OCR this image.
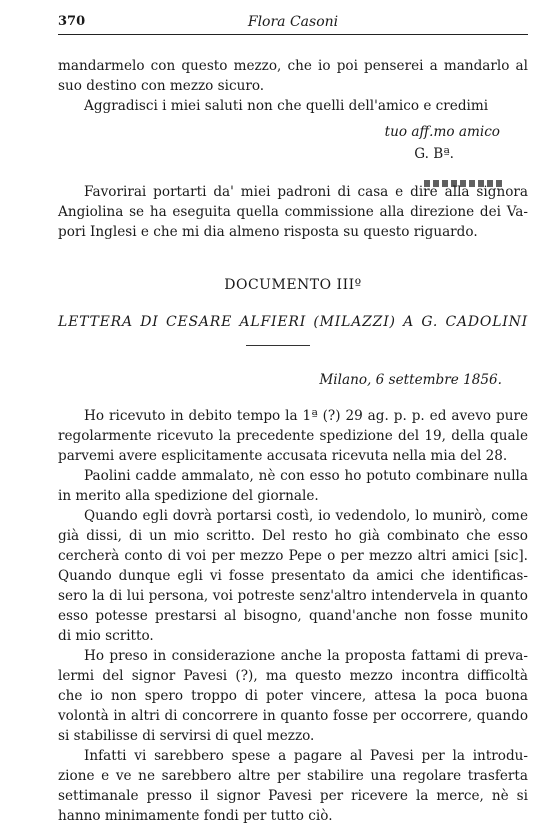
370	Flora Casoni
mandarmelo con questo mezzo, che io poi penserei a mandarlo al
suo destino con mezzo sicuro.
Aggradisci i miei saluti non che quelli dell'amico e credimi
tuo aff.mo amico
G. Bª.
Favorirai portarti da' miei padroni di casa e dire alla signora
Angiolina se ha eseguita quella commissione alla direzione dei Va-
pori Inglesi e che mi dia almeno risposta su questo riguardo.
DOCUMENTO IIIº
LETTERA DI CESARE ALFIERI (MILAZZI) A G. CADOLINI
Milano, 6 settembre 1856.
Ho ricevuto in debito tempo la 1ª (?) 29 ag. p. p. ed avevo pure
regolarmente ricevuto la precedente spedizione del 19, della quale
parvemi avere esplicitamente accusata ricevuta nella mia del 28.
Paolini cadde ammalato, nè con esso ho potuto combinare nulla
in merito alla spedizione del giornale.
Quando egli dovrà portarsi costì, io vedendolo, lo munirò, come
già dissi, di un mio scritto. Del resto ho già combinato che esso
cercherà conto di voi per mezzo Pepe o per mezzo altri amici [sic].
Quando dunque egli vi fosse presentato da amici che identificas-
sero la di lui persona, voi potreste senz'altro intendervela in quanto
esso potesse prestarsi al bisogno, quand'anche non fosse munito
di mio scritto.
Ho preso in considerazione anche la proposta fattami di preva-
lermi del signor Pavesi (?), ma questo mezzo incontra difficoltà
che io non spero troppo di poter vincere, attesa la poca buona
volontà in altri di concorrere in quanto fosse per occorrere, quando
si stabilisse di servirsi di quel mezzo.
Infatti vi sarebbero spese a pagare al Pavesi per la introdu-
zione e ve ne sarebbero altre per stabilire una regolare trasferta
settimanale presso il signor Pavesi per ricevere la merce, nè si
hanno minimamente fondi per tutto ciò.
